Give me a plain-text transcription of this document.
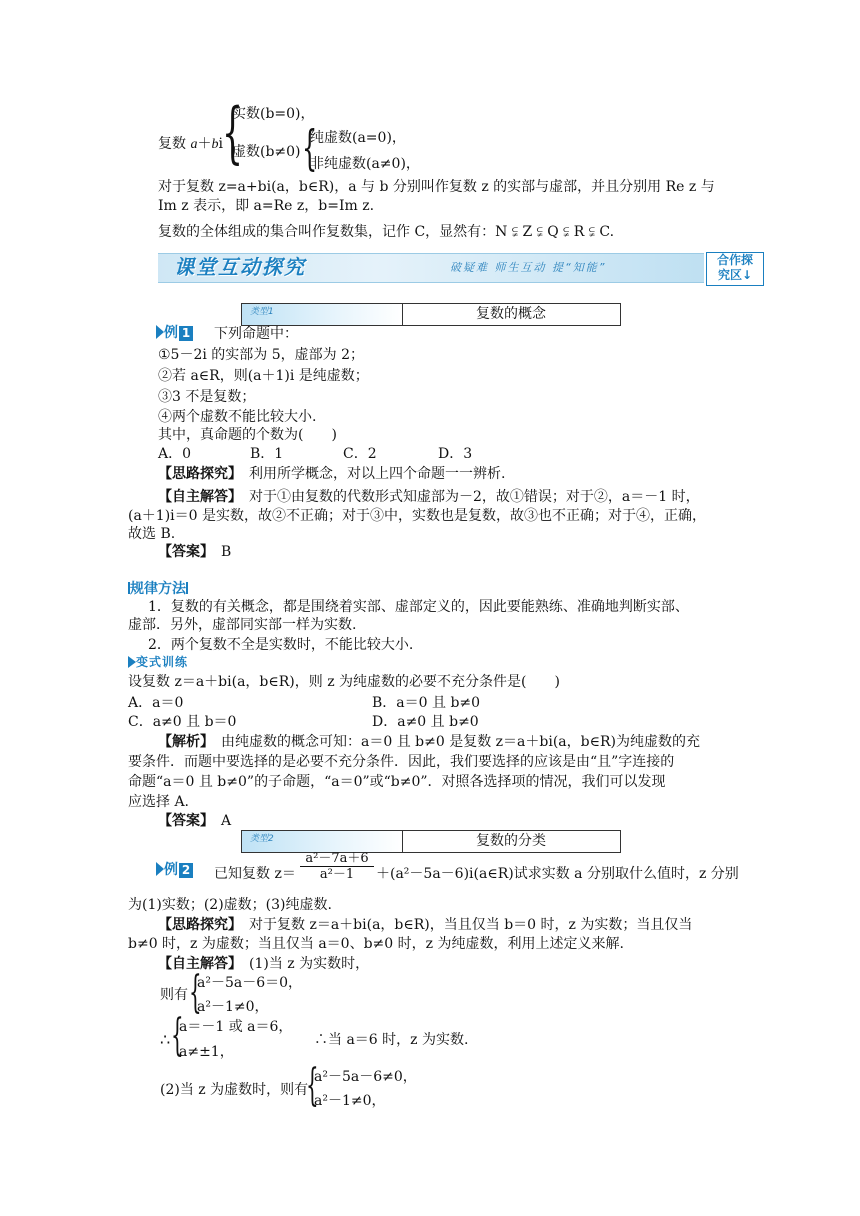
复数 a＋bi {
实数(b=0)，
虚数(b≠0) {
纯虚数(a=0)，
非纯虚数(a≠0)，
对于复数 z=a+bi(a，b∈R)，a 与 b 分别叫作复数 z 的实部与虚部，并且分别用 Re z 与
Im z 表示，即 a=Re z，b=Im z.
复数的全体组成的集合叫作复数集，记作 C，显然有：N ⫋ Z ⫋ Q ⫋ R ⫋ C.
课堂互动探究	破疑难 师生互动 提“知能”
合作探
究区↓
类型1	复数的概念
例 1 下列命题中：
①5－2i 的实部为 5，虚部为 2；
②若 a∈R，则(a＋1)i 是纯虚数；
③3 不是复数；
④两个虚数不能比较大小.
其中，真命题的个数为(　　)
A．0	B．1	C．2	D．3
【思路探究】　 利用所学概念，对以上四个命题一一辨析.
【自主解答】　 对于①由复数的代数形式知虚部为－2，故①错误；对于②，a＝－1 时，
(a＋1)i＝0 是实数，故②不正确；对于③中，实数也是复数，故③也不正确；对于④，正确，
故选 B.
【答案】　 B
规律方法
1．复数的有关概念，都是围绕着实部、虚部定义的，因此要能熟练、准确地判断实部、
虚部．另外，虚部同实部一样为实数.
2．两个复数不全是实数时，不能比较大小.
变式训练
设复数 z＝a＋bi(a，b∈R)，则 z 为纯虚数的必要不充分条件是(　　)
A．a＝0	B．a＝0 且 b≠0
C．a≠0 且 b＝0	D．a≠0 且 b≠0
【解析】　 由纯虚数的概念可知：a＝0 且 b≠0 是复数 z＝a＋bi(a，b∈R)为纯虚数的充
要条件．而题中要选择的是必要不充分条件．因此，我们要选择的应该是由“且”字连接的
命题“a＝0 且 b≠0”的子命题，“a＝0”或“b≠0”．对照各选择项的情况，我们可以发现
应选择 A.
【答案】　 A
类型2	复数的分类
例 2 已知复数 z＝
a²－7a＋6
a²－1	＋(a²－5a－6)i(a∈R)试求实数 a 分别取什么值时，z 分别
为(1)实数；(2)虚数；(3)纯虚数.
【思路探究】　 对于复数 z＝a＋bi(a，b∈R)，当且仅当 b＝0 时，z 为实数；当且仅当
b≠0 时，z 为虚数；当且仅当 a＝0、b≠0 时，z 为纯虚数，利用上述定义来解.
【自主解答】　 (1)当 z 为实数时，
则有 {
a²－5a－6＝0，
a²－1≠0，
∴ {
a＝－1 或 a＝6，
a≠±1，
∴当 a＝6 时，z 为实数.
(2)当 z 为虚数时，则有
{
a²－5a－6≠0，
a²－1≠0，
